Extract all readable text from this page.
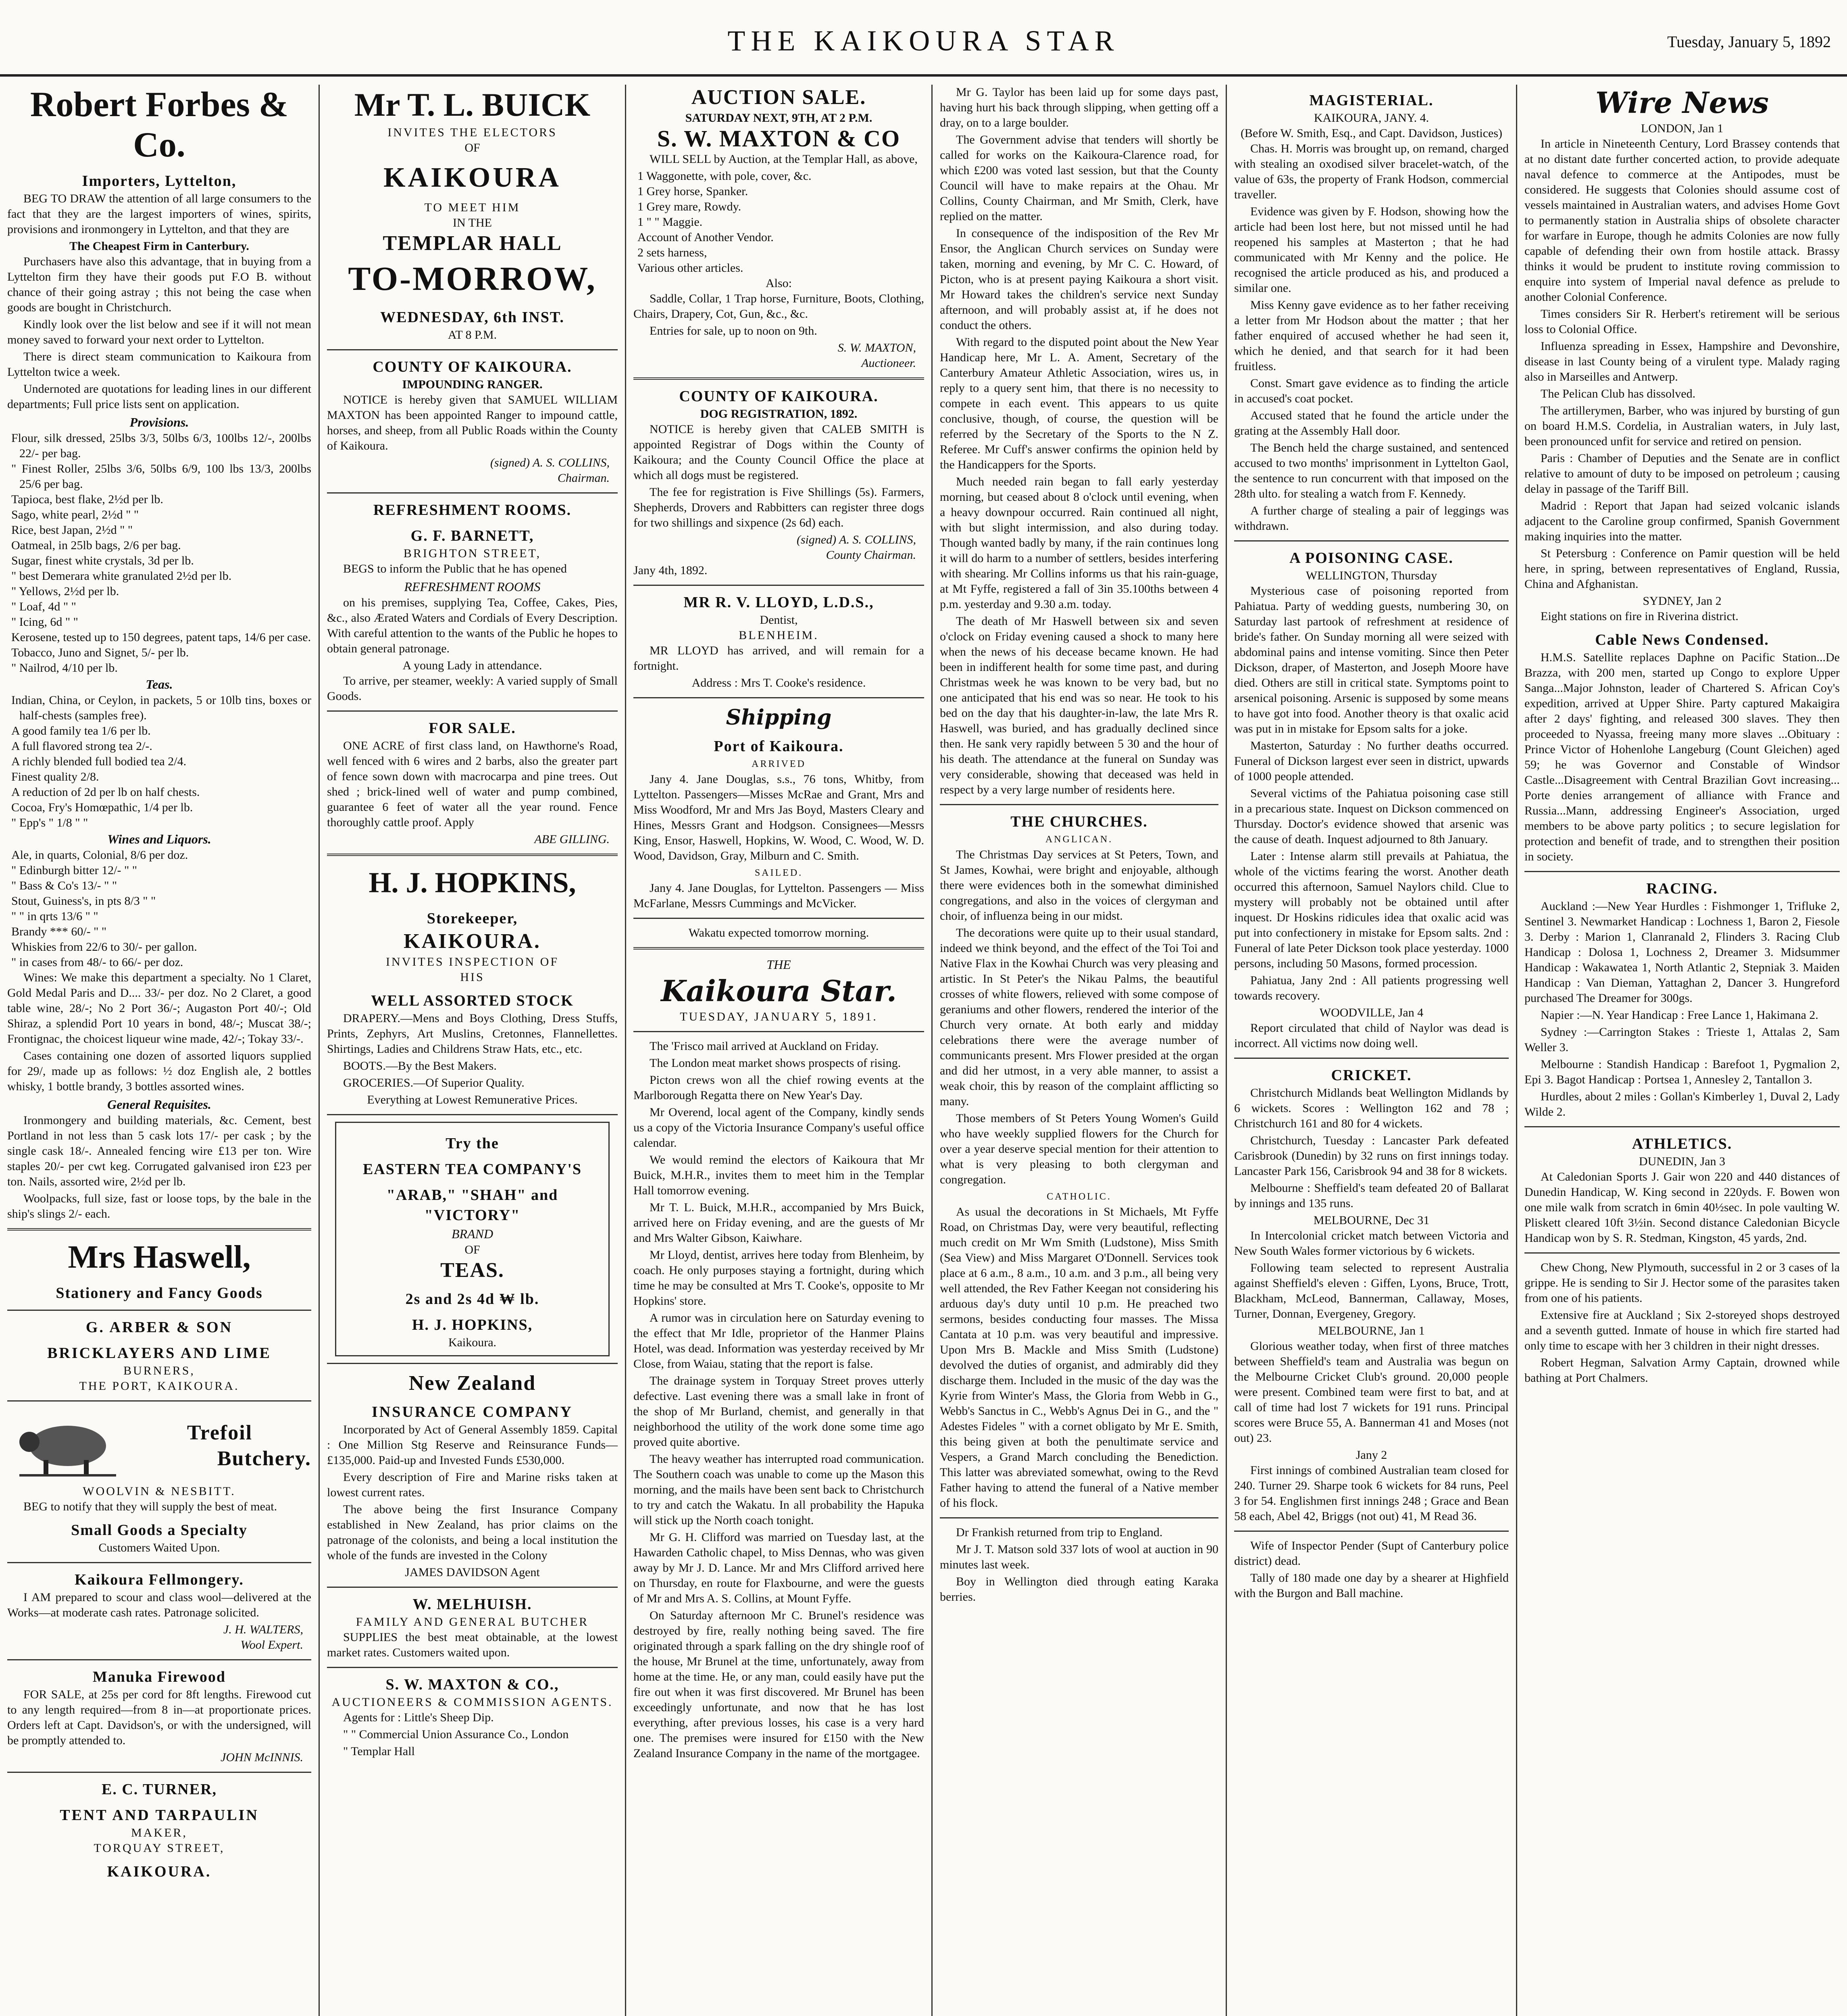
THE KAIKOURA STAR	Tuesday, January 5, 1892
Robert Forbes & Co.
Importers, Lyttelton,

BEG TO DRAW the attention of all large consumers to the fact that they are the largest importers of wines, spirits, provisions and ironmongery in Lyttelton, and that they are

The Cheapest Firm in Canterbury.

Purchasers have also this advantage, that in buying from a Lyttelton firm they have their goods put F.O B. without chance of their going astray ; this not being the case when goods are bought in Christchurch.

Kindly look over the list below and see if it will not mean money saved to forward your next order to Lyttelton.

There is direct steam communication to Kaikoura from Lyttelton twice a week.

Undernoted are quotations for leading lines in our different departments; Full price lists sent on application.

Provisions.
Flour, silk dressed, 25lbs 3/3, 50lbs 6/3, 100lbs 12/-, 200lbs 22/- per bag.
" Finest Roller, 25lbs 3/6, 50lbs 6/9, 100 lbs 13/3, 200lbs 25/6 per bag.
Tapioca, best flake, 2½d per lb.
Sago, white pearl, 2½d " "
Rice, best Japan, 2½d " "
Oatmeal, in 25lb bags, 2/6 per bag.
Sugar, finest white crystals, 3d per lb.
" best Demerara white granulated 2½d per lb.
" Yellows, 2½d per lb.
" Loaf, 4d " "
" Icing, 6d " "
Kerosene, tested up to 150 degrees, patent taps, 14/6 per case.
Tobacco, Juno and Signet, 5/- per lb.
" Nailrod, 4/10 per lb.
Teas.
Indian, China, or Ceylon, in packets, 5 or 10lb tins, boxes or half-chests (samples free).
A good family tea 1/6 per lb.
A full flavored strong tea 2/-.
A richly blended full bodied tea 2/4.
Finest quality 2/8.
A reduction of 2d per lb on half chests.
Cocoa, Fry's Homœpathic, 1/4 per lb.
" Epp's " 1/8 " "
Wines and Liquors.
Ale, in quarts, Colonial, 8/6 per doz.
" Edinburgh bitter 12/- " "
" Bass & Co's 13/- " "
Stout, Guiness's, in pts 8/3 " "
" " in qrts 13/6 " "
Brandy *** 60/- " "
Whiskies from 22/6 to 30/- per gallon.
" in cases from 48/- to 66/- per doz.

Wines: We make this department a specialty. No 1 Claret, Gold Medal Paris and D.... 33/- per doz. No 2 Claret, a good table wine, 28/-; No 2 Port 36/-; Augaston Port 40/-; Old Shiraz, a splendid Port 10 years in bond, 48/-; Muscat 38/-; Frontignac, the choicest liqueur wine made, 42/-; Tokay 33/-.

Cases containing one dozen of assorted liquors supplied for 29/, made up as follows: ½ doz English ale, 2 bottles whisky, 1 bottle brandy, 3 bottles assorted wines.

General Requisites.

Ironmongery and building materials, &c. Cement, best Portland in not less than 5 cask lots 17/- per cask ; by the single cask 18/-. Annealed fencing wire £13 per ton. Wire staples 20/- per cwt keg. Corrugated galvanised iron £23 per ton. Nails, assorted wire, 2½d per lb.

Woolpacks, full size, fast or loose tops, by the bale in the ship's slings 2/- each.

Mrs Haswell,
Stationery and Fancy Goods
G. ARBER & SON
BRICKLAYERS AND LIME
BURNERS,
THE PORT, KAIKOURA.
Trefoil
Butchery.
WOOLVIN & NESBITT.

BEG to notify that they will supply the best of meat.

Small Goods a Specialty
Customers Waited Upon.
Kaikoura Fellmongery.

I AM prepared to scour and class wool—delivered at the Works—at moderate cash rates. Patronage solicited.

J. H. WALTERS,
Wool Expert.
Manuka Firewood

FOR SALE, at 25s per cord for 8ft lengths. Firewood cut to any length required—from 8 in—at proportionate prices. Orders left at Capt. Davidson's, or with the undersigned, will be promptly attended to.

JOHN McINNIS.
E. C. TURNER,
TENT AND TARPAULIN
MAKER,
TORQUAY STREET,
KAIKOURA.
Mr T. L. BUICK
INVITES THE ELECTORS
OF
KAIKOURA
TO MEET HIM
IN THE
TEMPLAR HALL
TO-MORROW,
WEDNESDAY, 6th INST.
AT 8 P.M.
COUNTY OF KAIKOURA.
IMPOUNDING RANGER.

NOTICE is hereby given that SAMUEL WILLIAM MAXTON has been appointed Ranger to impound cattle, horses, and sheep, from all Public Roads within the County of Kaikoura.

(signed) A. S. COLLINS,
Chairman.
REFRESHMENT ROOMS.
G. F. BARNETT,
BRIGHTON STREET,

BEGS to inform the Public that he has opened

REFRESHMENT ROOMS

on his premises, supplying Tea, Coffee, Cakes, Pies, &c., also Ærated Waters and Cordials of Every Description. With careful attention to the wants of the Public he hopes to obtain general patronage.

A young Lady in attendance.

To arrive, per steamer, weekly: A varied supply of Small Goods.

FOR SALE.

ONE ACRE of first class land, on Hawthorne's Road, well fenced with 6 wires and 2 barbs, also the greater part of fence sown down with macrocarpa and pine trees. Out shed ; brick-lined well of water and pump combined, guarantee 6 feet of water all the year round. Fence thoroughly cattle proof. Apply

ABE GILLING.
H. J. HOPKINS,
Storekeeper,
KAIKOURA.
INVITES INSPECTION OF
HIS
WELL ASSORTED STOCK

DRAPERY.—Mens and Boys Clothing, Dress Stuffs, Prints, Zephyrs, Art Muslins, Cretonnes, Flannellettes. Shirtings, Ladies and Childrens Straw Hats, etc., etc.

BOOTS.—By the Best Makers.

GROCERIES.—Of Superior Quality.

Everything at Lowest Remunerative Prices.

Try the
EASTERN TEA COMPANY'S
"ARAB," "SHAH" and "VICTORY"
BRAND
OF
TEAS.
2s and 2s 4d ₩ lb.
H. J. HOPKINS,
Kaikoura.
New Zealand
INSURANCE COMPANY

Incorporated by Act of General Assembly 1859. Capital : One Million Stg Reserve and Reinsurance Funds—£135,000. Paid-up and Invested Funds £530,000.

Every description of Fire and Marine risks taken at lowest current rates.

The above being the first Insurance Company established in New Zealand, has prior claims on the patronage of the colonists, and being a local institution the whole of the funds are invested in the Colony

JAMES DAVIDSON Agent
W. MELHUISH.
FAMILY AND GENERAL BUTCHER

SUPPLIES the best meat obtainable, at the lowest market rates. Customers waited upon.

S. W. MAXTON & CO.,
AUCTIONEERS & COMMISSION AGENTS.

Agents for : Little's Sheep Dip.

" " Commercial Union Assurance Co., London

" Templar Hall

AUCTION SALE.
SATURDAY NEXT, 9TH, AT 2 P.M.
S. W. MAXTON & CO

WILL SELL by Auction, at the Templar Hall, as above,

1 Waggonette, with pole, cover, &c.
1 Grey horse, Spanker.
1 Grey mare, Rowdy.
1 " " Maggie.
Account of Another Vendor.
2 sets harness,
Various other articles.
Also:

Saddle, Collar, 1 Trap horse, Furniture, Boots, Clothing, Chairs, Drapery, Cot, Gun, &c., &c.

Entries for sale, up to noon on 9th.

S. W. MAXTON,
Auctioneer.
COUNTY OF KAIKOURA.
DOG REGISTRATION, 1892.

NOTICE is hereby given that CALEB SMITH is appointed Registrar of Dogs within the County of Kaikoura; and the County Council Office the place at which all dogs must be registered.

The fee for registration is Five Shillings (5s). Farmers, Shepherds, Drovers and Rabbitters can register three dogs for two shillings and sixpence (2s 6d) each.

(signed) A. S. COLLINS,
County Chairman.
Jany 4th, 1892.
MR R. V. LLOYD, L.D.S.,
Dentist,
BLENHEIM.

MR LLOYD has arrived, and will remain for a fortnight.

Address : Mrs T. Cooke's residence.
Shipping
Port of Kaikoura.
ARRIVED

Jany 4. Jane Douglas, s.s., 76 tons, Whitby, from Lyttelton. Passengers—Misses McRae and Grant, Mrs and Miss Woodford, Mr and Mrs Jas Boyd, Masters Cleary and Hines, Messrs Grant and Hodgson. Consignees—Messrs King, Ensor, Haswell, Hopkins, W. Wood, C. Wood, W. D. Wood, Davidson, Gray, Milburn and C. Smith.

SAILED.

Jany 4. Jane Douglas, for Lyttelton. Passengers — Miss McFarlane, Messrs Cummings and McVicker.

Wakatu expected tomorrow morning.
THE
Kaikoura Star.
TUESDAY, JANUARY 5, 1891.

The 'Frisco mail arrived at Auckland on Friday.

The London meat market shows prospects of rising.

Picton crews won all the chief rowing events at the Marlborough Regatta there on New Year's Day.

Mr Overend, local agent of the Company, kindly sends us a copy of the Victoria Insurance Company's useful office calendar.

We would remind the electors of Kaikoura that Mr Buick, M.H.R., invites them to meet him in the Templar Hall tomorrow evening.

Mr T. L. Buick, M.H.R., accompanied by Mrs Buick, arrived here on Friday evening, and are the guests of Mr and Mrs Walter Gibson, Kaiwhare.

Mr Lloyd, dentist, arrives here today from Blenheim, by coach. He only purposes staying a fortnight, during which time he may be consulted at Mrs T. Cooke's, opposite to Mr Hopkins' store.

A rumor was in circulation here on Saturday evening to the effect that Mr Idle, proprietor of the Hanmer Plains Hotel, was dead. Information was yesterday received by Mr Close, from Waiau, stating that the report is false.

The drainage system in Torquay Street proves utterly defective. Last evening there was a small lake in front of the shop of Mr Burland, chemist, and generally in that neighborhood the utility of the work done some time ago proved quite abortive.

The heavy weather has interrupted road communication. The Southern coach was unable to come up the Mason this morning, and the mails have been sent back to Christchurch to try and catch the Wakatu. In all probability the Hapuka will stick up the North coach tonight.

Mr G. H. Clifford was married on Tuesday last, at the Hawarden Catholic chapel, to Miss Dennas, who was given away by Mr J. D. Lance. Mr and Mrs Clifford arrived here on Thursday, en route for Flaxbourne, and were the guests of Mr and Mrs A. S. Collins, at Mount Fyffe.

On Saturday afternoon Mr C. Brunel's residence was destroyed by fire, really nothing being saved. The fire originated through a spark falling on the dry shingle roof of the house, Mr Brunel at the time, unfortunately, away from home at the time. He, or any man, could easily have put the fire out when it was first discovered. Mr Brunel has been exceedingly unfortunate, and now that he has lost everything, after previous losses, his case is a very hard one. The premises were insured for £150 with the New Zealand Insurance Company in the name of the mortgagee.

Mr G. Taylor has been laid up for some days past, having hurt his back through slipping, when getting off a dray, on to a large boulder.

The Government advise that tenders will shortly be called for works on the Kaikoura-Clarence road, for which £200 was voted last session, but that the County Council will have to make repairs at the Ohau. Mr Collins, County Chairman, and Mr Smith, Clerk, have replied on the matter.

In consequence of the indisposition of the Rev Mr Ensor, the Anglican Church services on Sunday were taken, morning and evening, by Mr C. C. Howard, of Picton, who is at present paying Kaikoura a short visit. Mr Howard takes the children's service next Sunday afternoon, and will probably assist at, if he does not conduct the others.

With regard to the disputed point about the New Year Handicap here, Mr L. A. Ament, Secretary of the Canterbury Amateur Athletic Association, wires us, in reply to a query sent him, that there is no necessity to compete in each event. This appears to us quite conclusive, though, of course, the question will be referred by the Secretary of the Sports to the N Z. Referee. Mr Cuff's answer confirms the opinion held by the Handicappers for the Sports.

Much needed rain began to fall early yesterday morning, but ceased about 8 o'clock until evening, when a heavy downpour occurred. Rain continued all night, with but slight intermission, and also during today. Though wanted badly by many, if the rain continues long it will do harm to a number of settlers, besides interfering with shearing. Mr Collins informs us that his rain-guage, at Mt Fyffe, registered a fall of 3in 35.100ths between 4 p.m. yesterday and 9.30 a.m. today.

The death of Mr Haswell between six and seven o'clock on Friday evening caused a shock to many here when the news of his decease became known. He had been in indifferent health for some time past, and during Christmas week he was known to be very bad, but no one anticipated that his end was so near. He took to his bed on the day that his daughter-in-law, the late Mrs R. Haswell, was buried, and has gradually declined since then. He sank very rapidly between 5 30 and the hour of his death. The attendance at the funeral on Sunday was very considerable, showing that deceased was held in respect by a very large number of residents here.

THE CHURCHES.
ANGLICAN.

The Christmas Day services at St Peters, Town, and St James, Kowhai, were bright and enjoyable, although there were evidences both in the somewhat diminished congregations, and also in the voices of clergyman and choir, of influenza being in our midst.

The decorations were quite up to their usual standard, indeed we think beyond, and the effect of the Toi Toi and Native Flax in the Kowhai Church was very pleasing and artistic. In St Peter's the Nikau Palms, the beautiful crosses of white flowers, relieved with some compose of geraniums and other flowers, rendered the interior of the Church very ornate. At both early and midday celebrations there were the average number of communicants present. Mrs Flower presided at the organ and did her utmost, in a very able manner, to assist a weak choir, this by reason of the complaint afflicting so many.

Those members of St Peters Young Women's Guild who have weekly supplied flowers for the Church for over a year deserve special mention for their attention to what is very pleasing to both clergyman and congregation.

CATHOLIC.

As usual the decorations in St Michaels, Mt Fyffe Road, on Christmas Day, were very beautiful, reflecting much credit on Mr Wm Smith (Ludstone), Miss Smith (Sea View) and Miss Margaret O'Donnell. Services took place at 6 a.m., 8 a.m., 10 a.m. and 3 p.m., all being very well attended, the Rev Father Keegan not considering his arduous day's duty until 10 p.m. He preached two sermons, besides conducting four masses. The Missa Cantata at 10 p.m. was very beautiful and impressive. Upon Mrs B. Mackle and Miss Smith (Ludstone) devolved the duties of organist, and admirably did they discharge them. Included in the music of the day was the Kyrie from Winter's Mass, the Gloria from Webb in G., Webb's Sanctus in C., Webb's Agnus Dei in G., and the " Adestes Fideles " with a cornet obligato by Mr E. Smith, this being given at both the penultimate service and Vespers, a Grand March concluding the Benediction. This latter was abreviated somewhat, owing to the Revd Father having to attend the funeral of a Native member of his flock.

Dr Frankish returned from trip to England.

Mr J. T. Matson sold 337 lots of wool at auction in 90 minutes last week.

Boy in Wellington died through eating Karaka berries.

MAGISTERIAL.
KAIKOURA, JANY. 4.
(Before W. Smith, Esq., and Capt. Davidson, Justices)

Chas. H. Morris was brought up, on remand, charged with stealing an oxodised silver bracelet-watch, of the value of 63s, the property of Frank Hodson, commercial traveller.

Evidence was given by F. Hodson, showing how the article had been lost here, but not missed until he had reopened his samples at Masterton ; that he had communicated with Mr Kenny and the police. He recognised the article produced as his, and produced a similar one.

Miss Kenny gave evidence as to her father receiving a letter from Mr Hodson about the matter ; that her father enquired of accused whether he had seen it, which he denied, and that search for it had been fruitless.

Const. Smart gave evidence as to finding the article in accused's coat pocket.

Accused stated that he found the article under the grating at the Assembly Hall door.

The Bench held the charge sustained, and sentenced accused to two months' imprisonment in Lyttelton Gaol, the sentence to run concurrent with that imposed on the 28th ulto. for stealing a watch from F. Kennedy.

A further charge of stealing a pair of leggings was withdrawn.

A POISONING CASE.
WELLINGTON, Thursday

Mysterious case of poisoning reported from Pahiatua. Party of wedding guests, numbering 30, on Saturday last partook of refreshment at residence of bride's father. On Sunday morning all were seized with abdominal pains and intense vomiting. Since then Peter Dickson, draper, of Masterton, and Joseph Moore have died. Others are still in critical state. Symptoms point to arsenical poisoning. Arsenic is supposed by some means to have got into food. Another theory is that oxalic acid was put in in mistake for Epsom salts for a joke.

Masterton, Saturday : No further deaths occurred. Funeral of Dickson largest ever seen in district, upwards of 1000 people attended.

Several victims of the Pahiatua poisoning case still in a precarious state. Inquest on Dickson commenced on Thursday. Doctor's evidence showed that arsenic was the cause of death. Inquest adjourned to 8th January.

Later : Intense alarm still prevails at Pahiatua, the whole of the victims fearing the worst. Another death occurred this afternoon, Samuel Naylors child. Clue to mystery will probably not be obtained until after inquest. Dr Hoskins ridicules idea that oxalic acid was put into confectionery in mistake for Epsom salts. 2nd : Funeral of late Peter Dickson took place yesterday. 1000 persons, including 50 Masons, formed procession.

Pahiatua, Jany 2nd : All patients progressing well towards recovery.

WOODVILLE, Jan 4

Report circulated that child of Naylor was dead is incorrect. All victims now doing well.

CRICKET.

Christchurch Midlands beat Wellington Midlands by 6 wickets. Scores : Wellington 162 and 78 ; Christchurch 161 and 80 for 4 wickets.

Christchurch, Tuesday : Lancaster Park defeated Carisbrook (Dunedin) by 32 runs on first innings today. Lancaster Park 156, Carisbrook 94 and 38 for 8 wickets.

Melbourne : Sheffield's team defeated 20 of Ballarat by innings and 135 runs.

MELBOURNE, Dec 31

In Intercolonial cricket match between Victoria and New South Wales former victorious by 6 wickets.

Following team selected to represent Australia against Sheffield's eleven : Giffen, Lyons, Bruce, Trott, Blackham, McLeod, Bannerman, Callaway, Moses, Turner, Donnan, Evergeney, Gregory.

MELBOURNE, Jan 1

Glorious weather today, when first of three matches between Sheffield's team and Australia was begun on the Melbourne Cricket Club's ground. 20,000 people were present. Combined team were first to bat, and at call of time had lost 7 wickets for 191 runs. Principal scores were Bruce 55, A. Bannerman 41 and Moses (not out) 23.

Jany 2

First innings of combined Australian team closed for 240. Turner 29. Sharpe took 6 wickets for 84 runs, Peel 3 for 54. Englishmen first innings 248 ; Grace and Bean 58 each, Abel 42, Briggs (not out) 41, M Read 36.

Wife of Inspector Pender (Supt of Canterbury police district) dead.

Tally of 180 made one day by a shearer at Highfield with the Burgon and Ball machine.

Wire News
LONDON, Jan 1

In article in Nineteenth Century, Lord Brassey contends that at no distant date further concerted action, to provide adequate naval defence to commerce at the Antipodes, must be considered. He suggests that Colonies should assume cost of vessels maintained in Australian waters, and advises Home Govt to permanently station in Australia ships of obsolete character for warfare in Europe, though he admits Colonies are now fully capable of defending their own from hostile attack. Brassy thinks it would be prudent to institute roving commission to enquire into system of Imperial naval defence as prelude to another Colonial Conference.

Times considers Sir R. Herbert's retirement will be serious loss to Colonial Office.

Influenza spreading in Essex, Hampshire and Devonshire, disease in last County being of a virulent type. Malady raging also in Marseilles and Antwerp.

The Pelican Club has dissolved.

The artillerymen, Barber, who was injured by bursting of gun on board H.M.S. Cordelia, in Australian waters, in July last, been pronounced unfit for service and retired on pension.

Paris : Chamber of Deputies and the Senate are in conflict relative to amount of duty to be imposed on petroleum ; causing delay in passage of the Tariff Bill.

Madrid : Report that Japan had seized volcanic islands adjacent to the Caroline group confirmed, Spanish Government making inquiries into the matter.

St Petersburg : Conference on Pamir question will be held here, in spring, between representatives of England, Russia, China and Afghanistan.

SYDNEY, Jan 2

Eight stations on fire in Riverina district.

Cable News Condensed.

H.M.S. Satellite replaces Daphne on Pacific Station...De Brazza, with 200 men, started up Congo to explore Upper Sanga...Major Johnston, leader of Chartered S. African Coy's expedition, arrived at Upper Shire. Party captured Makaigira after 2 days' fighting, and released 300 slaves. They then proceeded to Nyassa, freeing many more slaves ...Obituary : Prince Victor of Hohenlohe Langeburg (Count Gleichen) aged 59; he was Governor and Constable of Windsor Castle...Disagreement with Central Brazilian Govt increasing... Porte denies arrangement of alliance with France and Russia...Mann, addressing Engineer's Association, urged members to be above party politics ; to secure legislation for protection and benefit of trade, and to strengthen their position in society.

RACING.

Auckland :—New Year Hurdles : Fishmonger 1, Trifluke 2, Sentinel 3. Newmarket Handicap : Lochness 1, Baron 2, Fiesole 3. Derby : Marion 1, Clanranald 2, Flinders 3. Racing Club Handicap : Dolosa 1, Lochness 2, Dreamer 3. Midsummer Handicap : Wakawatea 1, North Atlantic 2, Stepniak 3. Maiden Handicap : Van Dieman, Yattaghan 2, Dancer 3. Hungreford purchased The Dreamer for 300gs.

Napier :—N. Year Handicap : Free Lance 1, Hakimana 2.

Sydney :—Carrington Stakes : Trieste 1, Attalas 2, Sam Weller 3.

Melbourne : Standish Handicap : Barefoot 1, Pygmalion 2, Epi 3. Bagot Handicap : Portsea 1, Annesley 2, Tantallon 3.

Hurdles, about 2 miles : Gollan's Kimberley 1, Duval 2, Lady Wilde 2.

ATHLETICS.
DUNEDIN, Jan 3

At Caledonian Sports J. Gair won 220 and 440 distances of Dunedin Handicap, W. King second in 220yds. F. Bowen won one mile walk from scratch in 6min 40½sec. In pole vaulting W. Pliskett cleared 10ft 3½in. Second distance Caledonian Bicycle Handicap won by S. R. Stedman, Kingston, 45 yards, 2nd.

Chew Chong, New Plymouth, successful in 2 or 3 cases of la grippe. He is sending to Sir J. Hector some of the parasites taken from one of his patients.

Extensive fire at Auckland ; Six 2-storeyed shops destroyed and a seventh gutted. Inmate of house in which fire started had only time to escape with her 3 children in their night dresses.

Robert Hegman, Salvation Army Captain, drowned while bathing at Port Chalmers.
